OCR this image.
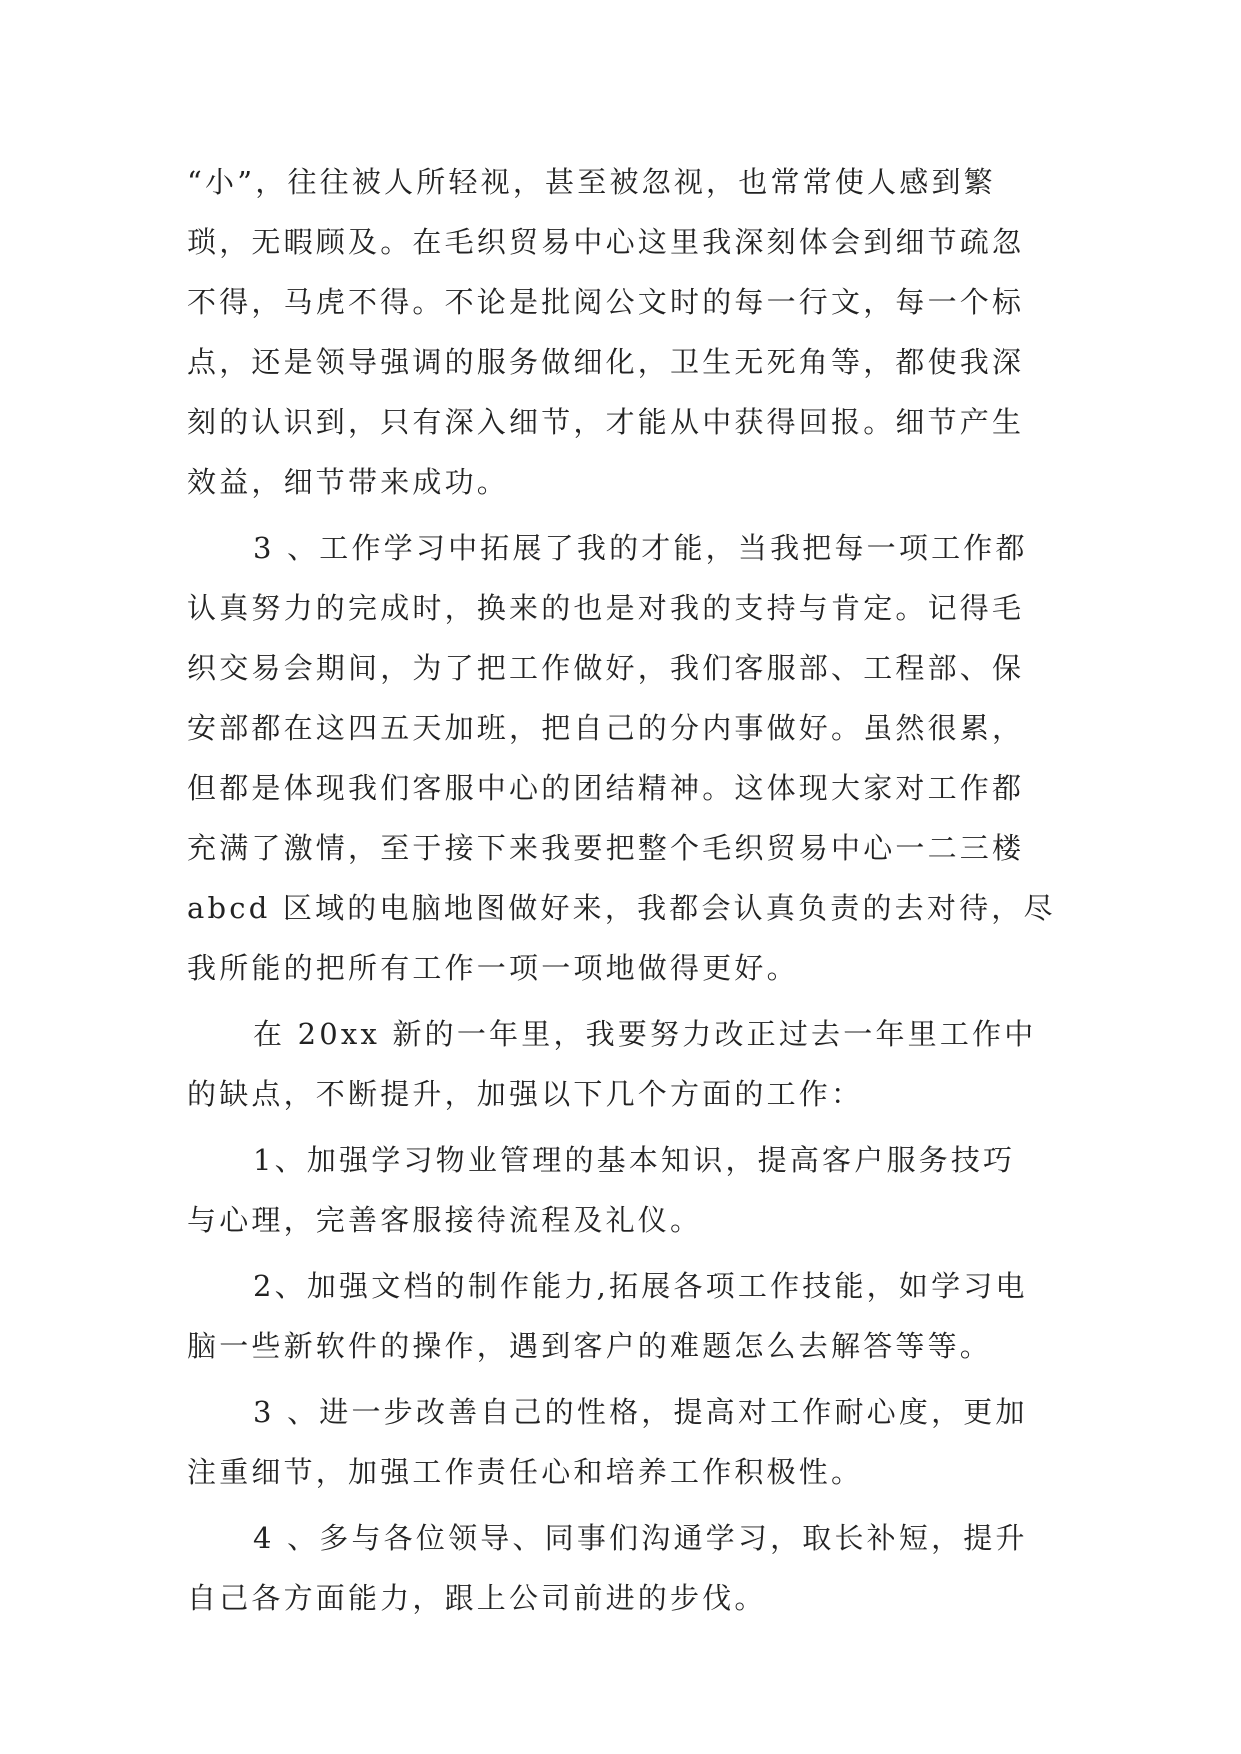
“小”，往往被人所轻视，甚至被忽视，也常常使人感到繁
琐，无暇顾及。在毛织贸易中心这里我深刻体会到细节疏忽
不得，马虎不得。不论是批阅公文时的每一行文，每一个标
点，还是领导强调的服务做细化，卫生无死角等，都使我深
刻的认识到，只有深入细节，才能从中获得回报。细节产生
效益，细节带来成功。
3 、工作学习中拓展了我的才能，当我把每一项工作都
认真努力的完成时，换来的也是对我的支持与肯定。记得毛
织交易会期间，为了把工作做好，我们客服部、工程部、保
安部都在这四五天加班，把自己的分内事做好。虽然很累，
但都是体现我们客服中心的团结精神。这体现大家对工作都
充满了激情，至于接下来我要把整个毛织贸易中心一二三楼
abcd 区域的电脑地图做好来，我都会认真负责的去对待，尽
我所能的把所有工作一项一项地做得更好。
在 20xx 新的一年里，我要努力改正过去一年里工作中
的缺点，不断提升，加强以下几个方面的工作：
1、加强学习物业管理的基本知识，提高客户服务技巧
与心理，完善客服接待流程及礼仪。
2、加强文档的制作能力,拓展各项工作技能，如学习电
脑一些新软件的操作，遇到客户的难题怎么去解答等等。
3 、进一步改善自己的性格，提高对工作耐心度，更加
注重细节，加强工作责任心和培养工作积极性。
4 、多与各位领导、同事们沟通学习，取长补短，提升
自己各方面能力，跟上公司前进的步伐。
